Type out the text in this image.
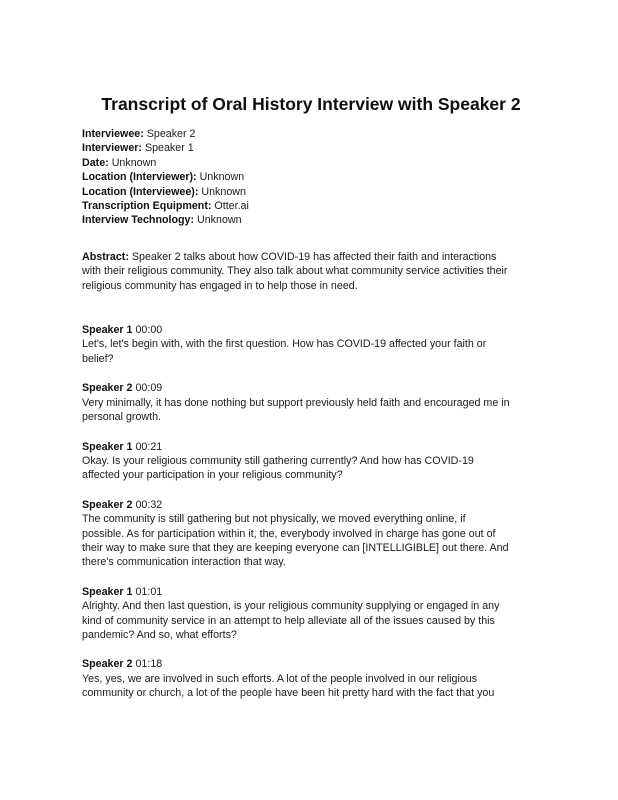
Transcript of Oral History Interview with Speaker 2
Interviewee: Speaker 2
Interviewer: Speaker 1
Date: Unknown
Location (Interviewer): Unknown
Location (Interviewee): Unknown
Transcription Equipment: Otter.ai
Interview Technology: Unknown
Abstract: Speaker 2 talks about how COVID-19 has affected their faith and interactions
with their religious community. They also talk about what community service activities their
religious community has engaged in to help those in need.
Speaker 1 00:00
Let's, let's begin with, with the first question. How has COVID-19 affected your faith or
belief?
Speaker 2 00:09
Very minimally, it has done nothing but support previously held faith and encouraged me in
personal growth.
Speaker 1 00:21
Okay. Is your religious community still gathering currently? And how has COVID-19
affected your participation in your religious community?
Speaker 2 00:32
The community is still gathering but not physically, we moved everything online, if
possible. As for participation within it, the, everybody involved in charge has gone out of
their way to make sure that they are keeping everyone can [INTELLIGIBLE] out there. And
there's communication interaction that way.
Speaker 1 01:01
Alrighty. And then last question, is your religious community supplying or engaged in any
kind of community service in an attempt to help alleviate all of the issues caused by this
pandemic? And so, what efforts?
Speaker 2 01:18
Yes, yes, we are involved in such efforts. A lot of the people involved in our religious
community or church, a lot of the people have been hit pretty hard with the fact that you
